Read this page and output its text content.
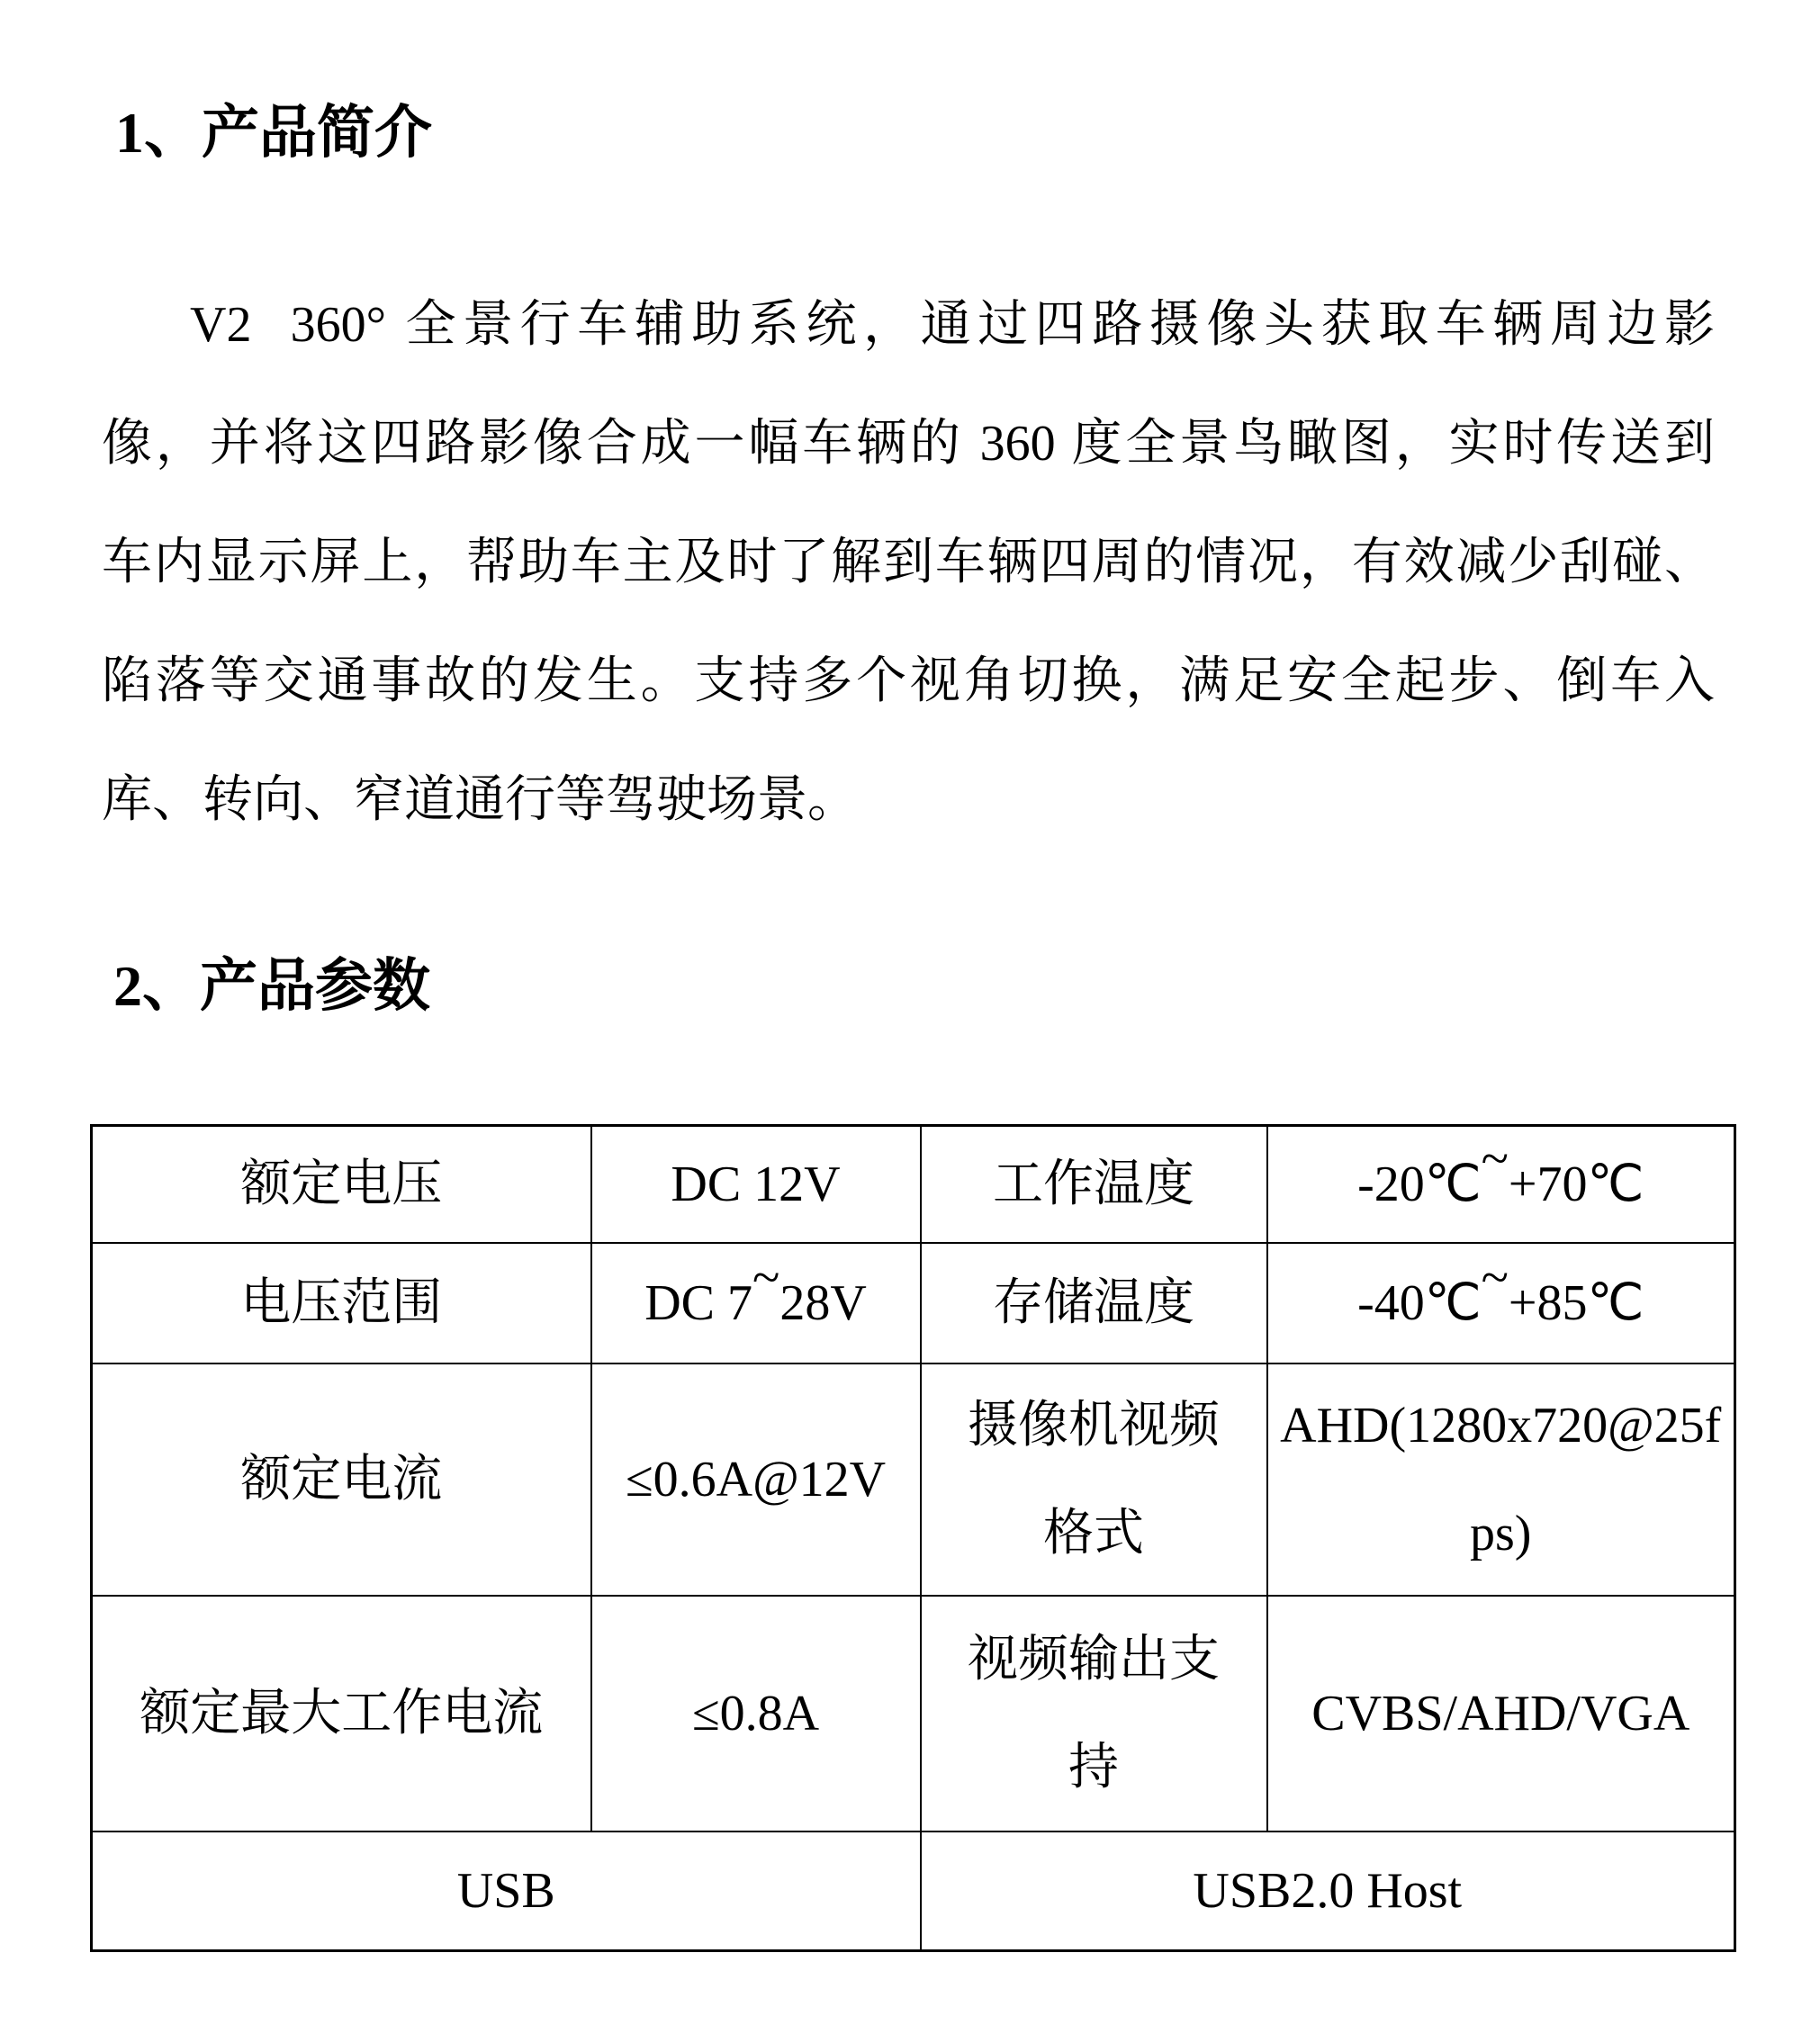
1、产品简介
V2  360° 全景行车辅助系统，通过四路摄像头获取车辆周边影
像，并将这四路影像合成一幅车辆的 360 度全景鸟瞰图，实时传送到
车内显示屏上，帮助车主及时了解到车辆四周的情况，有效减少刮碰、
陷落等交通事故的发生。支持多个视角切换，满足安全起步、倒车入
库、转向、窄道通行等驾驶场景。
2、产品参数
额定电压	DC 12V	工作温度	-20℃~+70℃
电压范围	DC 7~28V	存储温度	-40℃~+85℃
额定电流	≤0.6A@12V	摄像机视频格式	AHD(1280x720@25fps)
额定最大工作电流	≤0.8A	视频输出支持	CVBS/AHD/VGA
USB		USB2.0 Host	
